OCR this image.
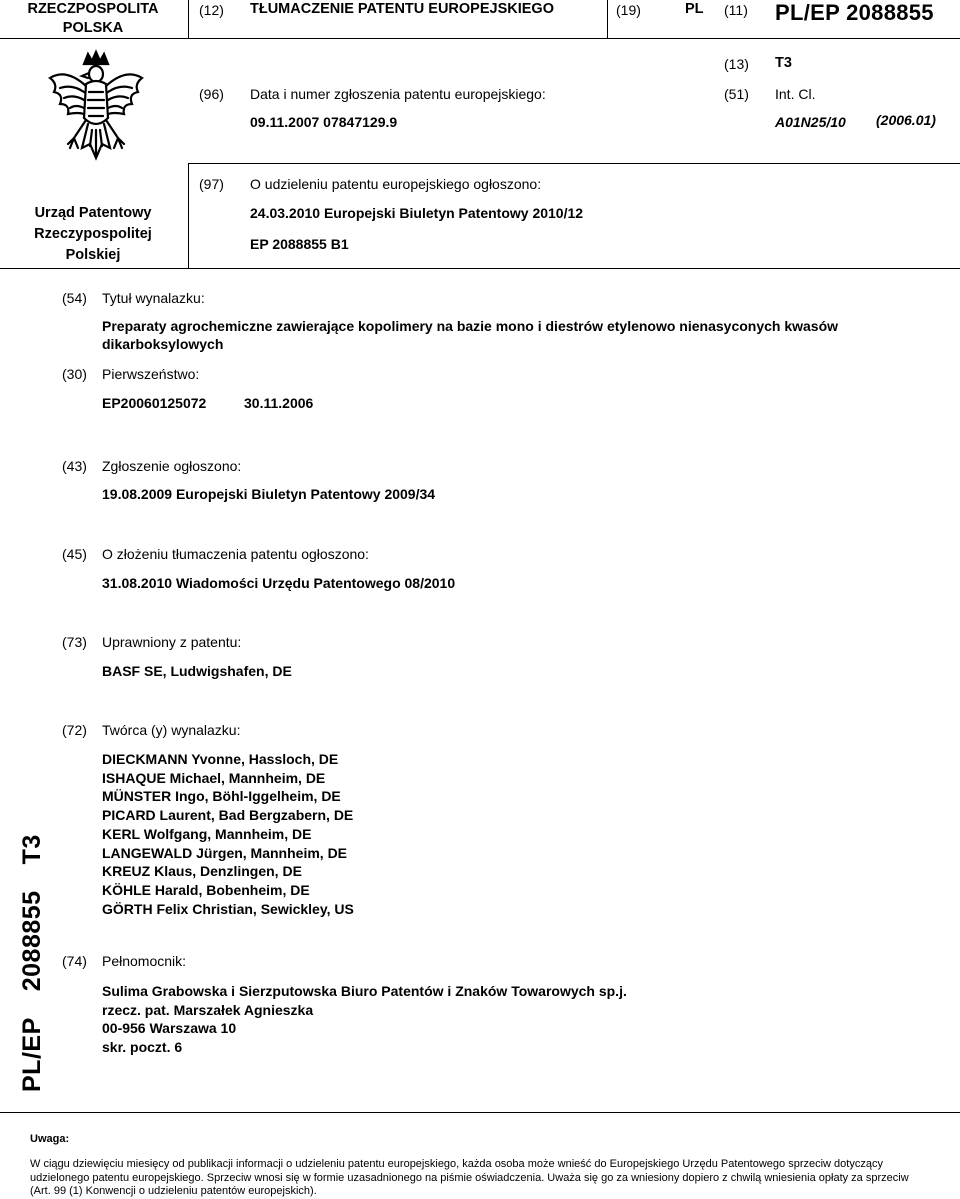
RZECZPOSPOLITA
POLSKA
(12) TŁUMACZENIE PATENTU EUROPEJSKIEGO	(19)	PL (11) PL/EP 2088855
(96) Data i numer zgłoszenia patentu europejskiego:
09.11.2007 07847129.9
(13) T3
(51) Int. Cl.
A01N25/10 (2006.01)
(97) O udzieleniu patentu europejskiego ogłoszono:
24.03.2010 Europejski Biuletyn Patentowy 2010/12
EP 2088855 B1
Urząd Patentowy
Rzeczypospolitej
Polskiej
(54) Tytuł wynalazku:
Preparaty agrochemiczne zawierające kopolimery na bazie mono i diestrów etylenowo nienasyconych kwasów
dikarboksylowych
(30) Pierwszeństwo:
EP20060125072	30.11.2006
(43) Zgłoszenie ogłoszono:
19.08.2009 Europejski Biuletyn Patentowy 2009/34
(45) O złożeniu tłumaczenia patentu ogłoszono:
31.08.2010 Wiadomości Urzędu Patentowego 08/2010
(73) Uprawniony z patentu:
BASF SE, Ludwigshafen, DE
(72) Twórca (y) wynalazku:
DIECKMANN Yvonne, Hassloch, DE
ISHAQUE Michael, Mannheim, DE
MÜNSTER Ingo, Böhl-Iggelheim, DE
PICARD Laurent, Bad Bergzabern, DE
KERL Wolfgang, Mannheim, DE
LANGEWALD Jürgen, Mannheim, DE
KREUZ Klaus, Denzlingen, DE
KÖHLE Harald, Bobenheim, DE
GÖRTH Felix Christian, Sewickley, US
(74) Pełnomocnik:
Sulima Grabowska i Sierzputowska Biuro Patentów i Znaków Towarowych sp.j.
rzecz. pat. Marszałek Agnieszka
00-956 Warszawa 10
skr. poczt. 6
PL/EP2088855T3
Uwaga:
W ciągu dziewięciu miesięcy od publikacji informacji o udzieleniu patentu europejskiego, każda osoba może wnieść do Europejskiego Urzędu Patentowego sprzeciw dotyczący udzielonego patentu europejskiego. Sprzeciw wnosi się w formie uzasadnionego na piśmie oświadczenia. Uważa się go za wniesiony dopiero z chwilą wniesienia opłaty za sprzeciw (Art. 99 (1) Konwencji o udzieleniu patentów europejskich).
